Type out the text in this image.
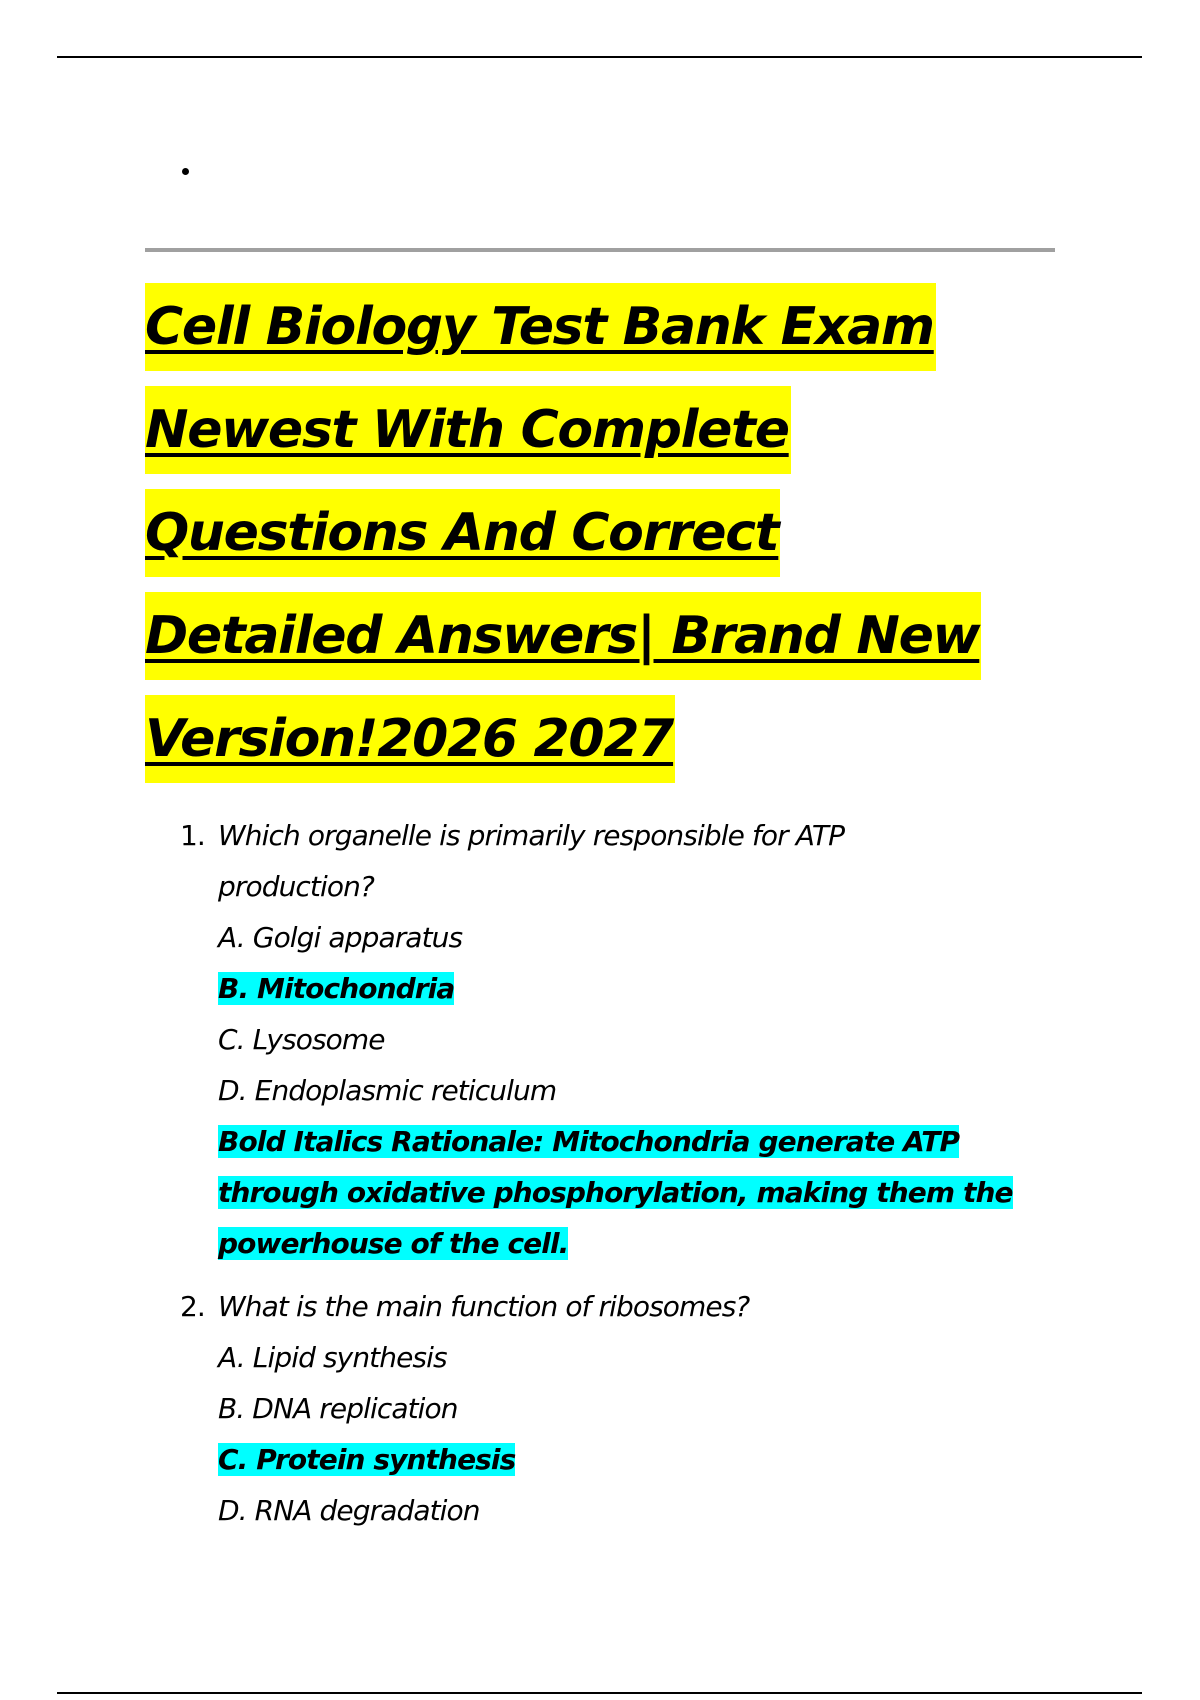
Cell Biology Test Bank Exam
Newest With Complete
Questions And Correct
Detailed Answers| Brand New
Version!2026 2027
1. Which organelle is primarily responsible for ATP
production?
A. Golgi apparatus
B. Mitochondria
C. Lysosome
D. Endoplasmic reticulum
Bold Italics Rationale: Mitochondria generate ATP
through oxidative phosphorylation, making them the
powerhouse of the cell.
2. What is the main function of ribosomes?
A. Lipid synthesis
B. DNA replication
C. Protein synthesis
D. RNA degradation
